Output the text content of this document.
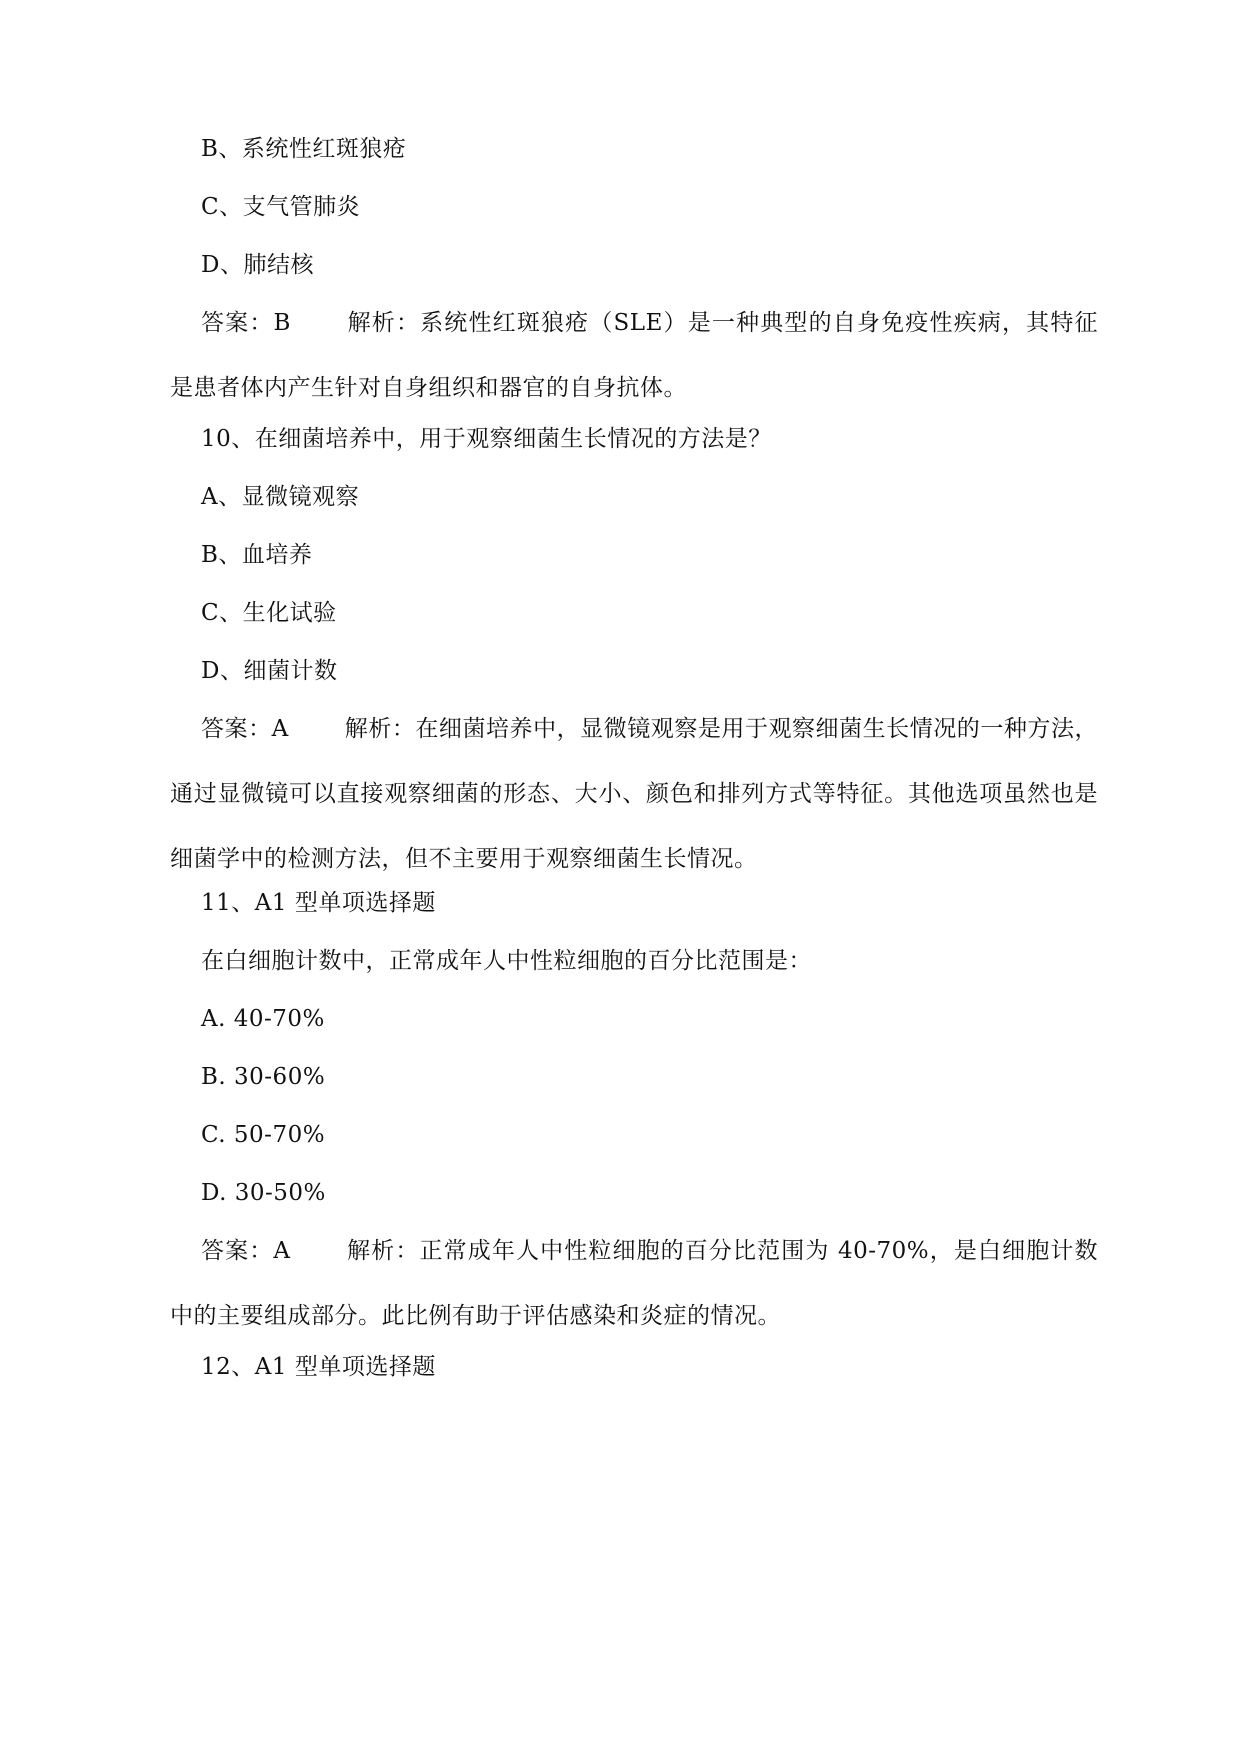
B、系统性红斑狼疮
C、支气管肺炎
D、肺结核
答案：B 解析：系统性红斑狼疮（SLE）是一种典型的自身免疫性疾病，其特征是患者体内产生针对自身组织和器官的自身抗体。
10、在细菌培养中，用于观察细菌生长情况的方法是？
A、显微镜观察
B、血培养
C、生化试验
D、细菌计数
答案：A 解析：在细菌培养中，显微镜观察是用于观察细菌生长情况的一种方法，通过显微镜可以直接观察细菌的形态、大小、颜色和排列方式等特征。其他选项虽然也是细菌学中的检测方法，但不主要用于观察细菌生长情况。
11、A1 型单项选择题
在白细胞计数中，正常成年人中性粒细胞的百分比范围是：
A. 40-70%
B. 30-60%
C. 50-70%
D. 30-50%
答案：A 解析：正常成年人中性粒细胞的百分比范围为 40-70%，是白细胞计数中的主要组成部分。此比例有助于评估感染和炎症的情况。
12、A1 型单项选择题
